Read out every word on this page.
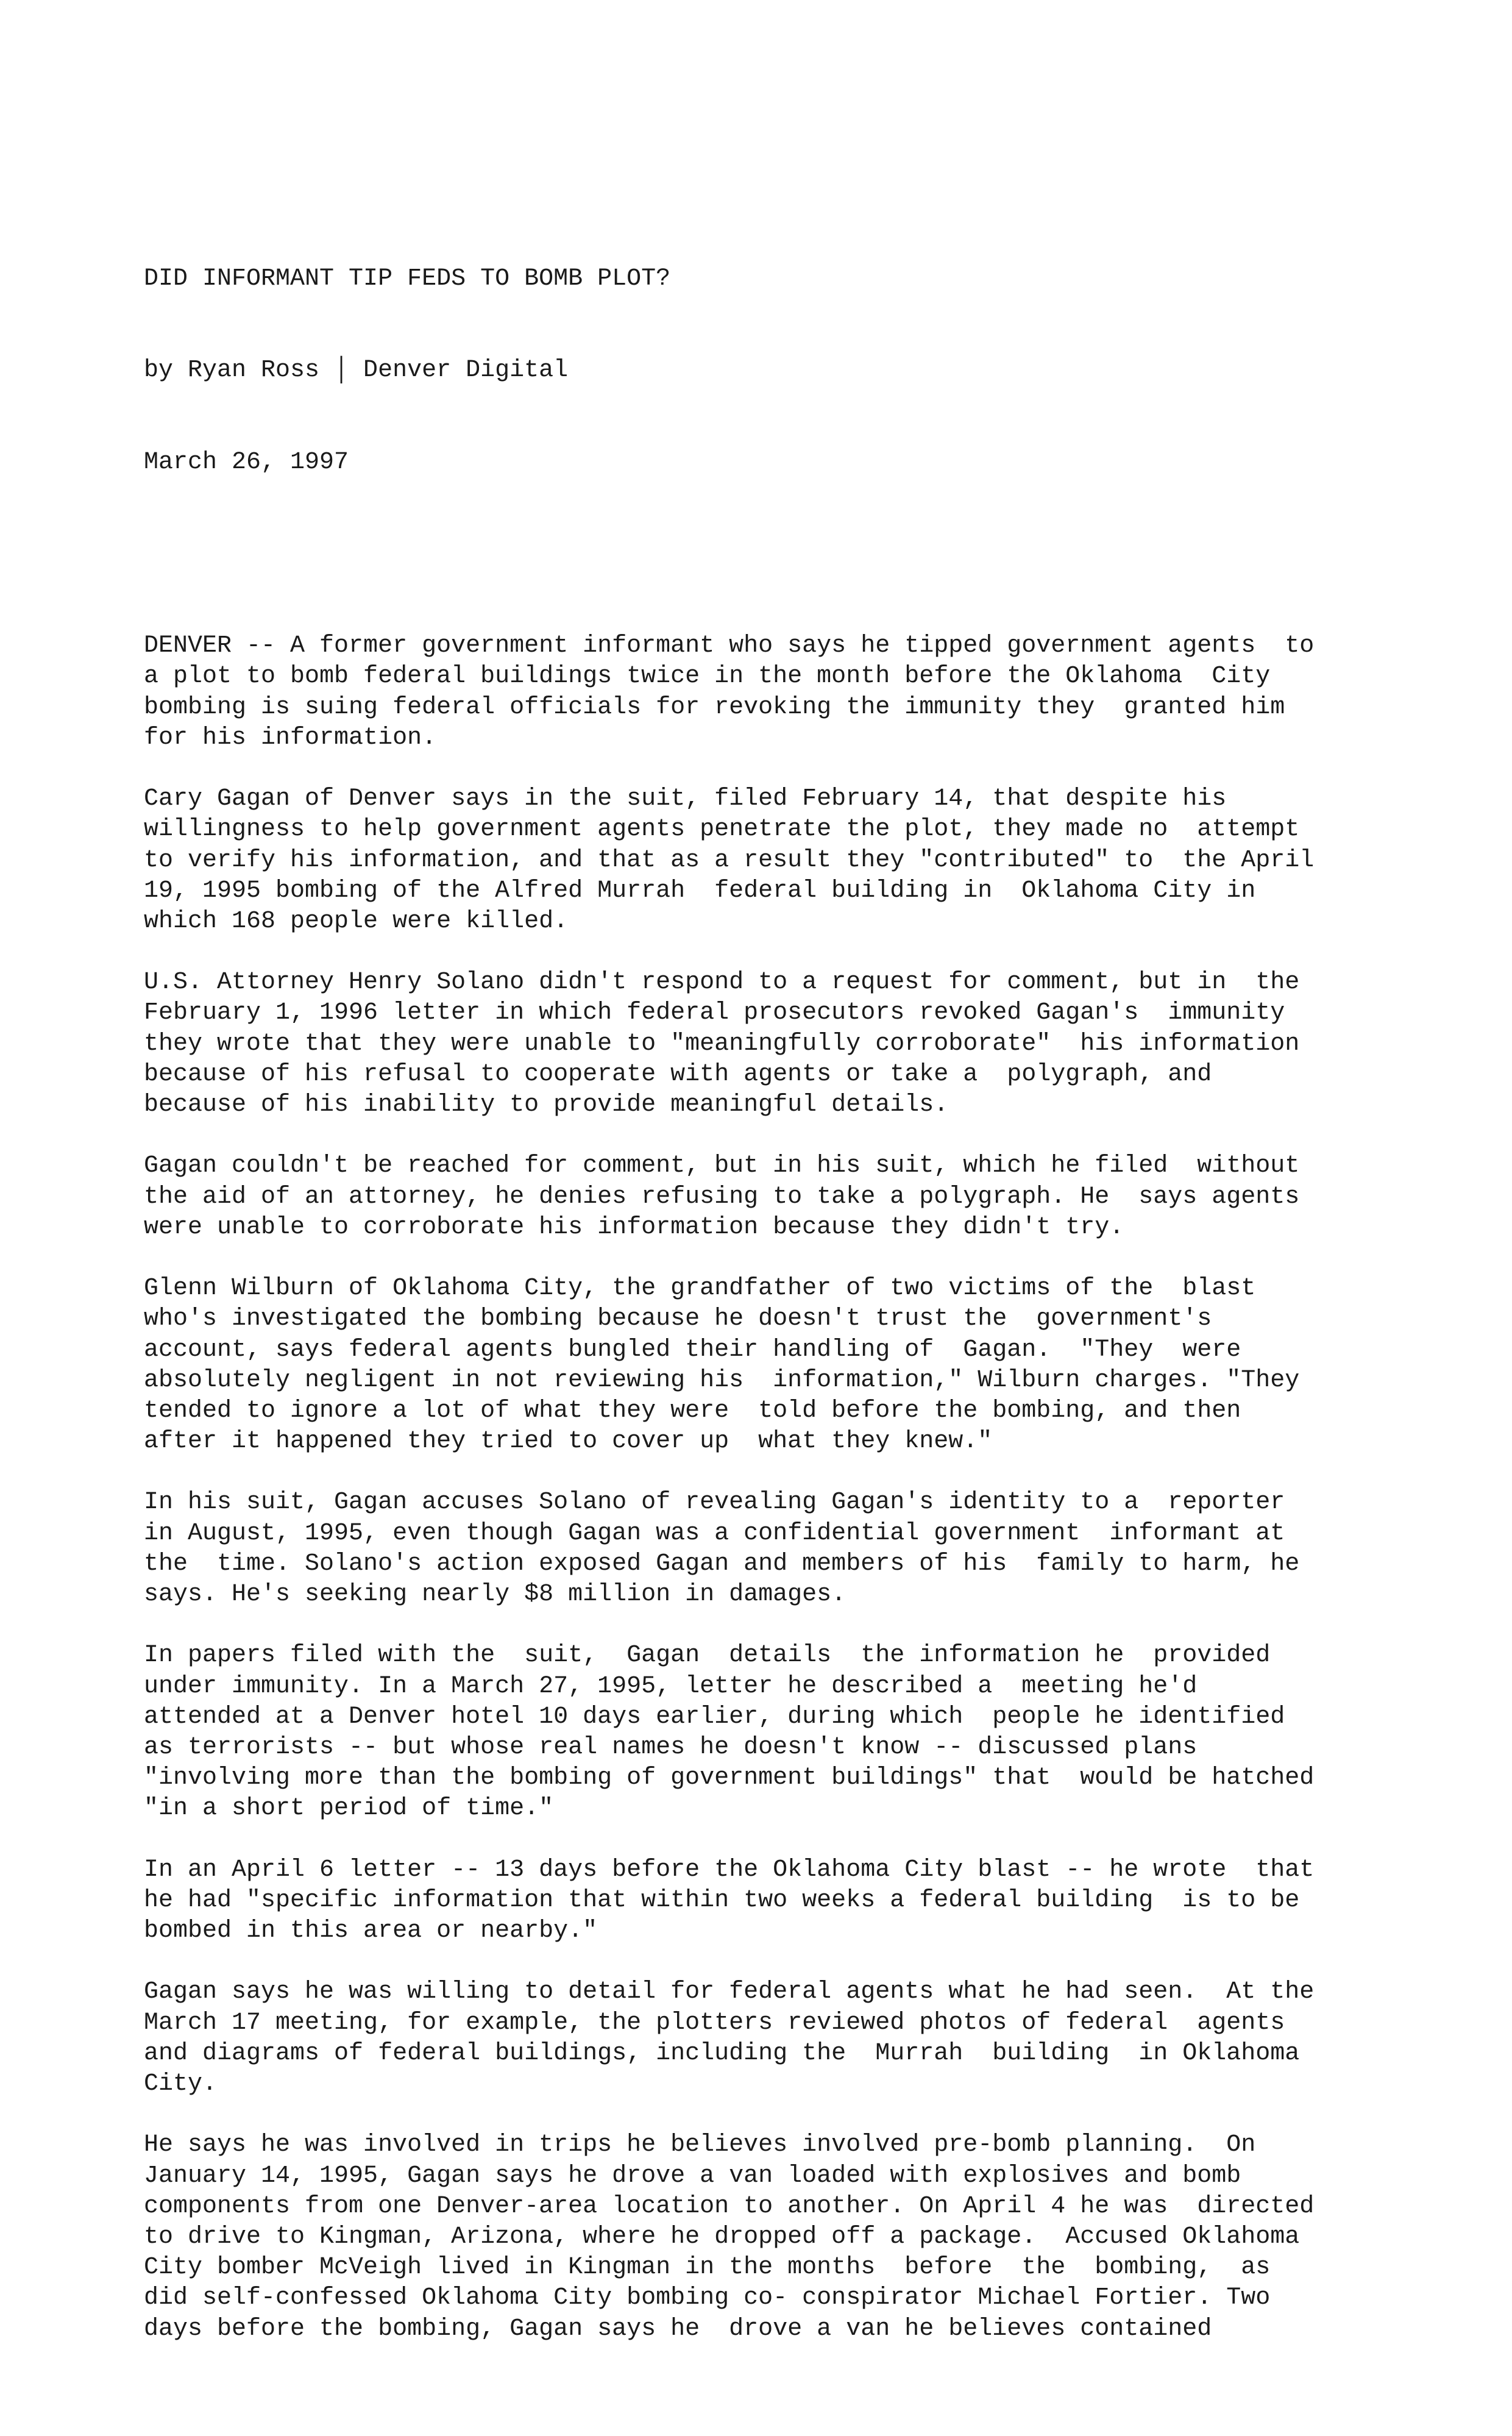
DID INFORMANT TIP FEDS TO BOMB PLOT?

by Ryan Ross │ Denver Digital

March 26, 1997

DENVER -- A former government informant who says he tipped government agents  to
a plot to bomb federal buildings twice in the month before the Oklahoma  City
bombing is suing federal officials for revoking the immunity they  granted him
for his information.
Cary Gagan of Denver says in the suit, filed February 14, that despite his
willingness to help government agents penetrate the plot, they made no  attempt
to verify his information, and that as a result they "contributed" to  the April
19, 1995 bombing of the Alfred Murrah  federal building in  Oklahoma City in
which 168 people were killed.
U.S. Attorney Henry Solano didn't respond to a request for comment, but in  the
February 1, 1996 letter in which federal prosecutors revoked Gagan's  immunity
they wrote that they were unable to "meaningfully corroborate"  his information
because of his refusal to cooperate with agents or take a  polygraph, and
because of his inability to provide meaningful details.
Gagan couldn't be reached for comment, but in his suit, which he filed  without
the aid of an attorney, he denies refusing to take a polygraph. He  says agents
were unable to corroborate his information because they didn't try.
Glenn Wilburn of Oklahoma City, the grandfather of two victims of the  blast
who's investigated the bombing because he doesn't trust the  government's
account, says federal agents bungled their handling of  Gagan.  "They  were
absolutely negligent in not reviewing his  information," Wilburn charges. "They
tended to ignore a lot of what they were  told before the bombing, and then
after it happened they tried to cover up  what they knew."
In his suit, Gagan accuses Solano of revealing Gagan's identity to a  reporter
in August, 1995, even though Gagan was a confidential government  informant at
the  time. Solano's action exposed Gagan and members of his  family to harm, he
says. He's seeking nearly $8 million in damages.
In papers filed with the  suit,  Gagan  details  the information he  provided
under immunity. In a March 27, 1995, letter he described a  meeting he'd
attended at a Denver hotel 10 days earlier, during which  people he identified
as terrorists -- but whose real names he doesn't know -- discussed plans
"involving more than the bombing of government buildings" that  would be hatched
"in a short period of time."
In an April 6 letter -- 13 days before the Oklahoma City blast -- he wrote  that
he had "specific information that within two weeks a federal building  is to be
bombed in this area or nearby."
Gagan says he was willing to detail for federal agents what he had seen.  At the
March 17 meeting, for example, the plotters reviewed photos of federal  agents
and diagrams of federal buildings, including the  Murrah  building  in Oklahoma
City.
He says he was involved in trips he believes involved pre-bomb planning.  On
January 14, 1995, Gagan says he drove a van loaded with explosives and bomb
components from one Denver-area location to another. On April 4 he was  directed
to drive to Kingman, Arizona, where he dropped off a package.  Accused Oklahoma
City bomber McVeigh lived in Kingman in the months  before  the  bombing,  as
did self-confessed Oklahoma City bombing co- conspirator Michael Fortier. Two
days before the bombing, Gagan says he  drove a van he believes contained
